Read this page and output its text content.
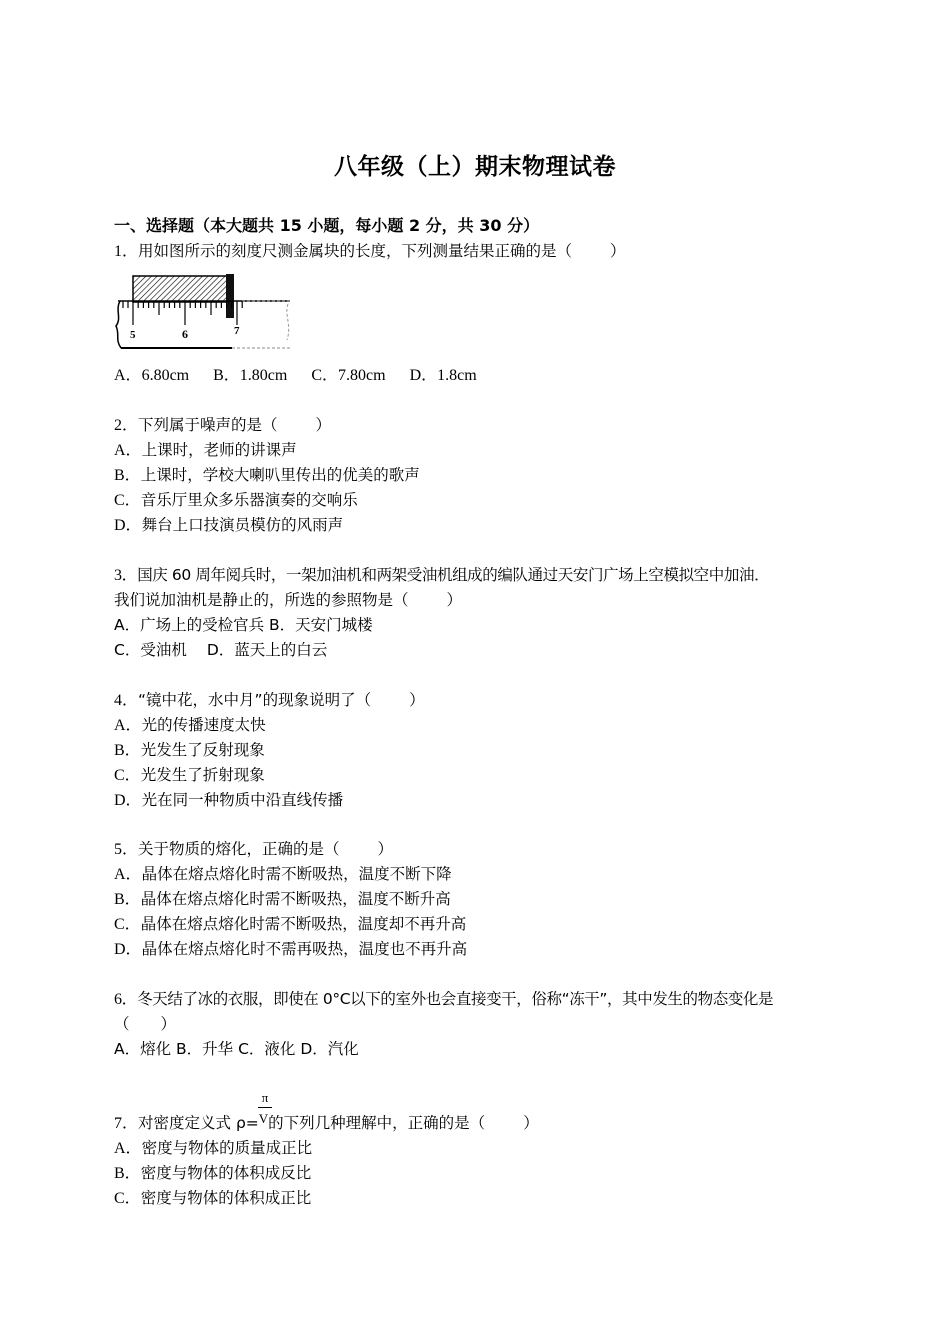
八年级（上）期末物理试卷
一、选择题（本大题共 15 小题，每小题 2 分，共 30 分）
1．用如图所示的刻度尺测金属块的长度，下列测量结果正确的是（ ）
5	6	7
A．6.80cm B．1.80cm C．7.80cm D．1.8cm
2．下列属于噪声的是（ ）
A．上课时，老师的讲课声
B．上课时，学校大喇叭里传出的优美的歌声
C．音乐厅里众多乐器演奏的交响乐
D．舞台上口技演员模仿的风雨声
3．国庆 60 周年阅兵时，一架加油机和两架受油机组成的编队通过天安门广场上空模拟空中加油．
我们说加油机是静止的，所选的参照物是（ ）
A．广场上的受检官兵 B．天安门城楼
C．受油机 D．蓝天上的白云
4．“镜中花，水中月”的现象说明了（ ）
A．光的传播速度太快
B．光发生了反射现象
C．光发生了折射现象
D．光在同一种物质中沿直线传播
5．关于物质的熔化，正确的是（ ）
A．晶体在熔点熔化时需不断吸热，温度不断下降
B．晶体在熔点熔化时需不断吸热，温度不断升高
C．晶体在熔点熔化时需不断吸热，温度却不再升高
D．晶体在熔点熔化时不需再吸热，温度也不再升高
6．冬天结了冰的衣服，即使在 0°C以下的室外也会直接变干，俗称“冻干”，其中发生的物态变化是
（　　）
A．熔化 B．升华 C．液化 D．汽化
π
7．对密度定义式 ρ=$^V$的下列几种理解中，正确的是（ ）
A．密度与物体的质量成正比
B．密度与物体的体积成反比
C．密度与物体的体积成正比
